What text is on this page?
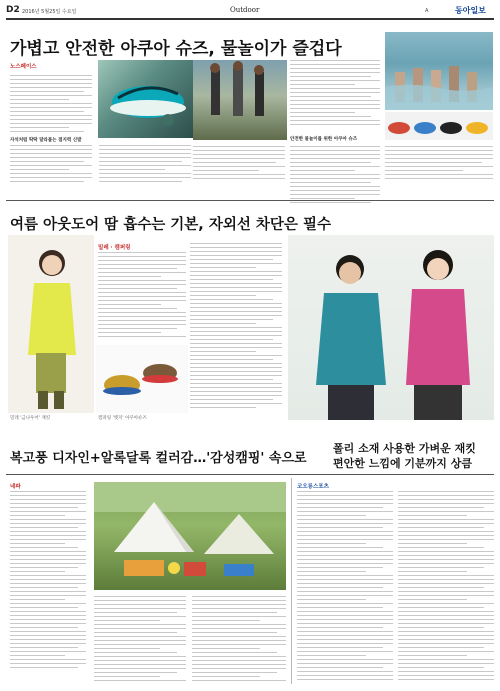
D2 2016년 5월25일 수요일	Outdoor	A	동아일보
가볍고 안전한 아쿠아 슈즈, 물놀이가 즐겁다
노스페이스
자석처럼 딱딱 달라붙는 접지력 신발	안전한 물놀이를 위한 아쿠아 슈즈
여름 아웃도어 땀 흡수는 기본, 자외선 차단은 필수
밀레 '금나우어' 재킷	캠퍼링 '엣지' 아쿠아슈즈
밀레 · 캠퍼링
폴리 소재 사용한 가벼운 재킷
편안한 느낌에 기분까지 상큼
복고풍 디자인+알록달록 컬러감…'감성캠핑' 속으로
네파	코오롱스포츠
